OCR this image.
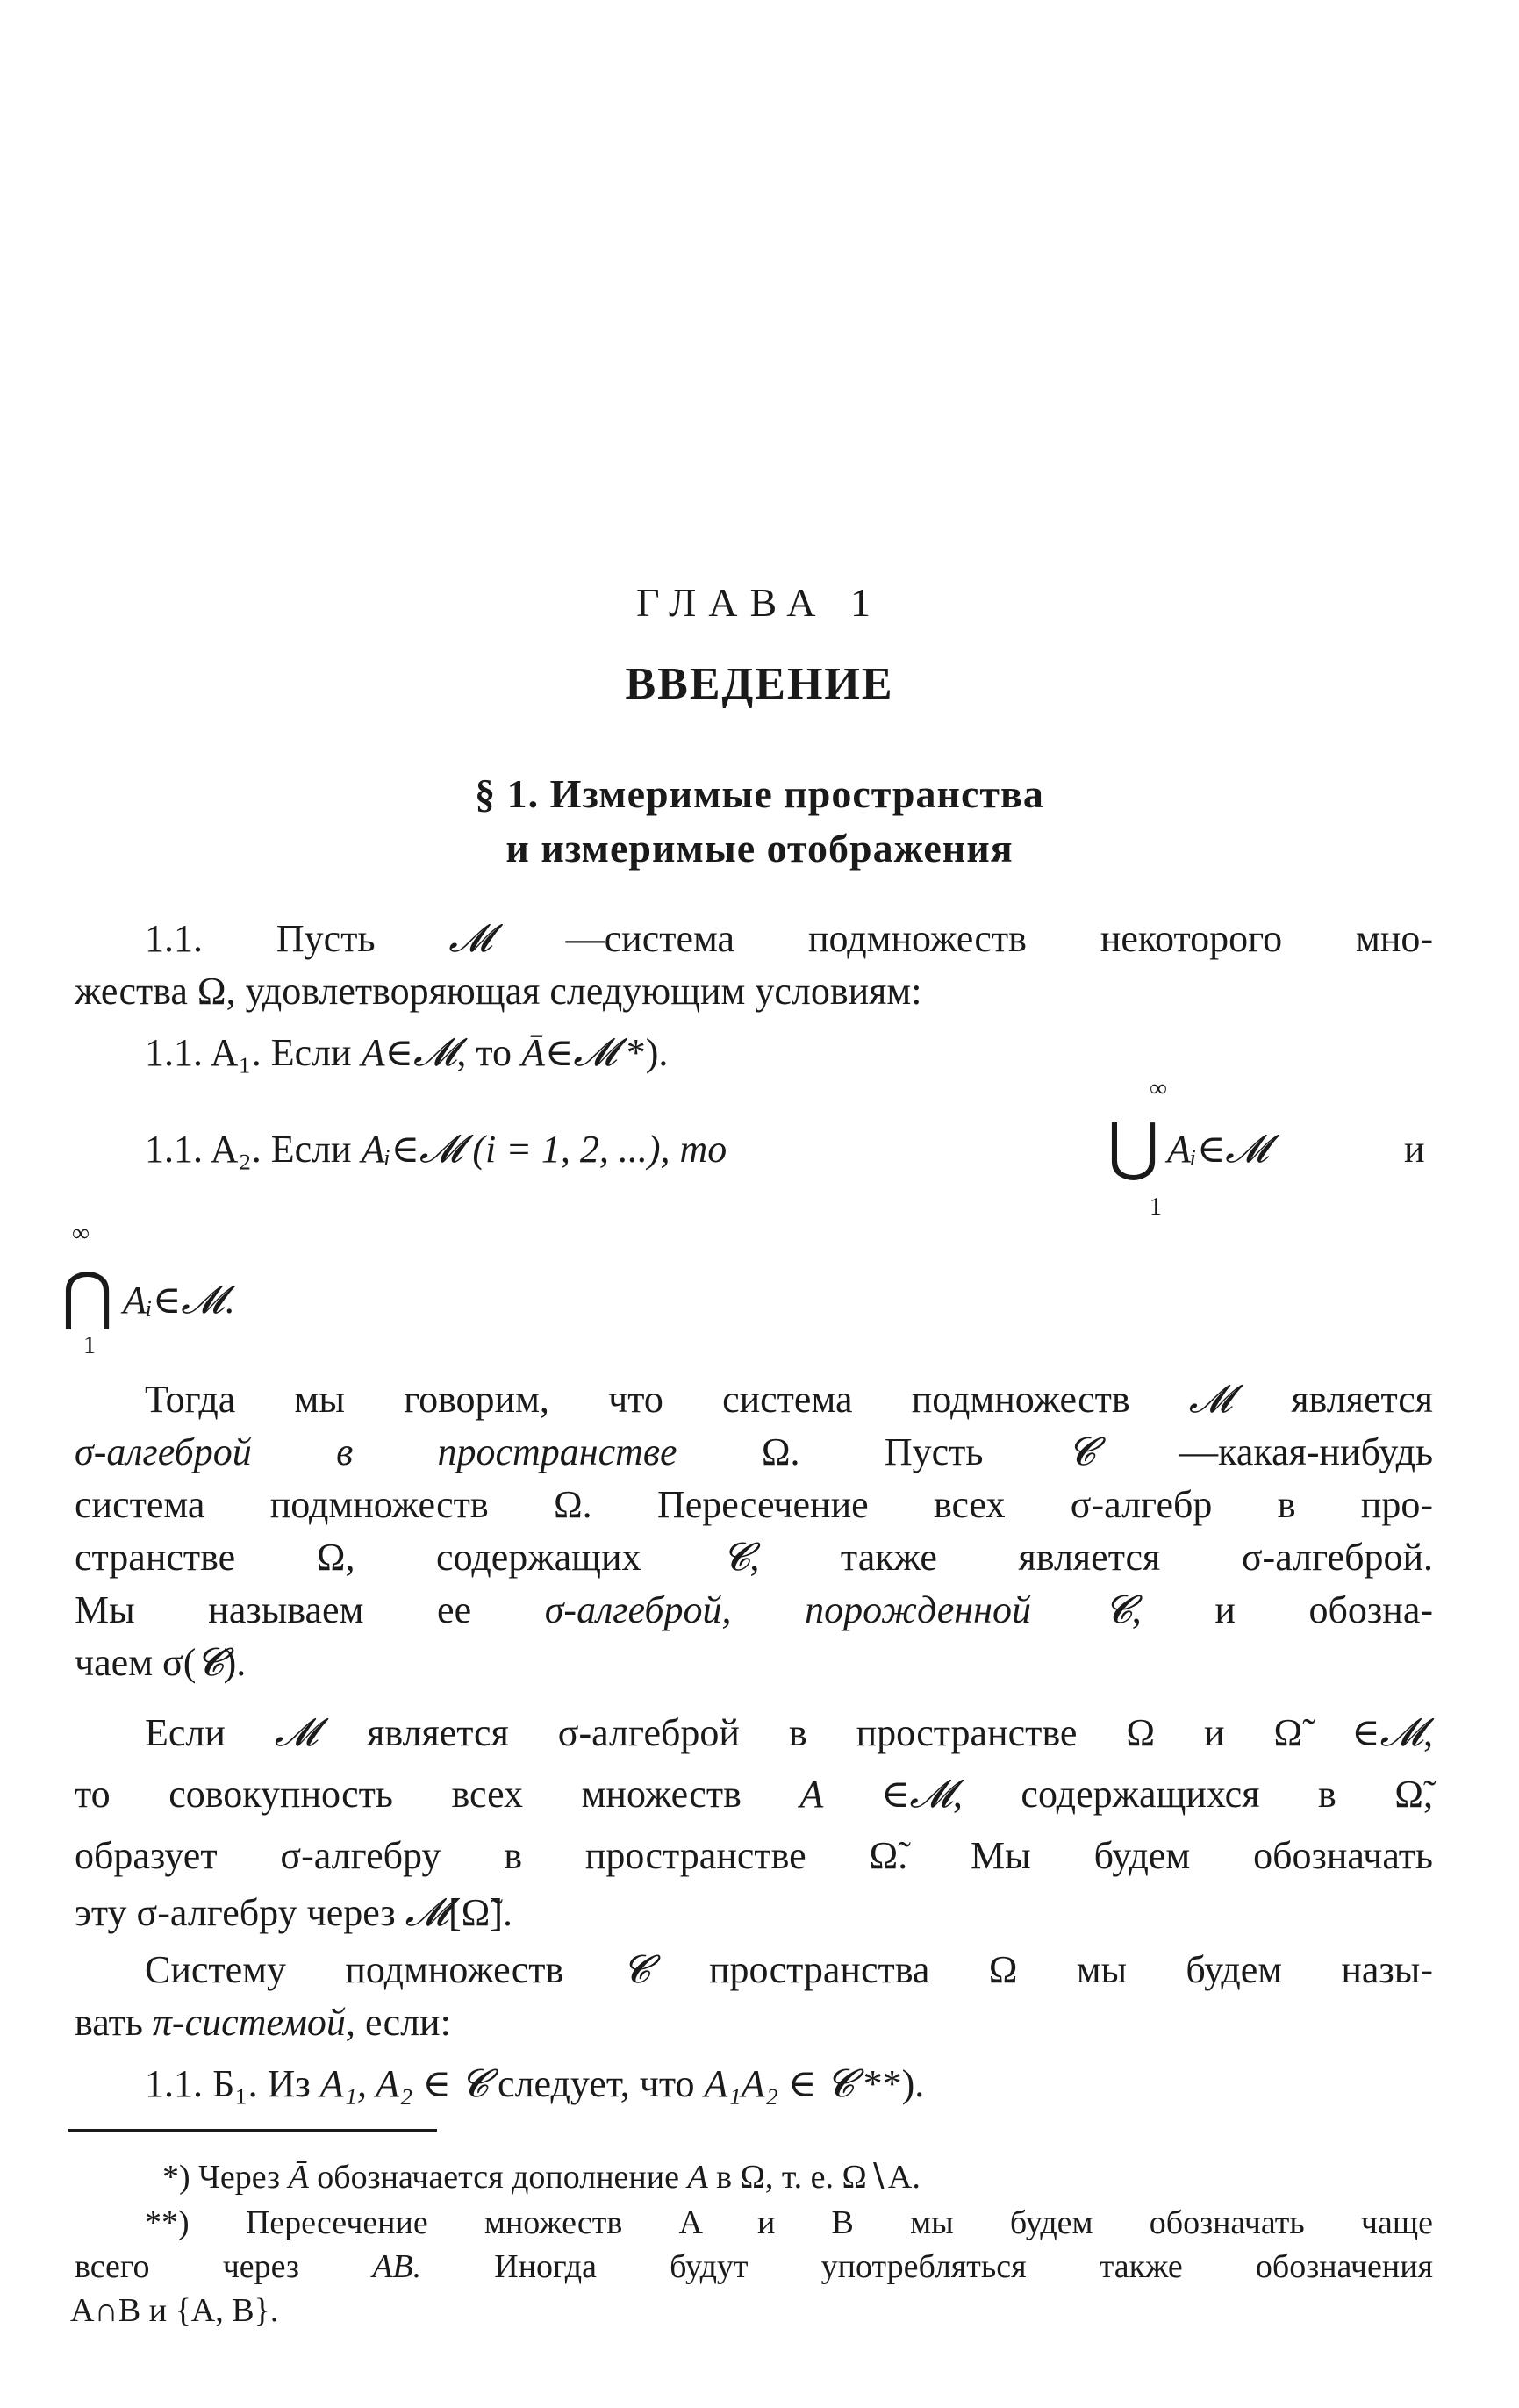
ГЛАВА 1
ВВЕДЕНИЕ
§ 1. Измеримые пространства
и измеримые отображения
1.1. Пусть 𝓜 —система подмножеств некоторого мно-
жества Ω, удовлетворяющая следующим условиям:
1.1. A₁. Если A∈𝓜, то Ā∈𝓜 *).
∞
1.1. A₂. Если Aᵢ∈𝓜 (i = 1, 2, ...), то	⋃ Aᵢ∈𝓜	и
1
∞
⋂ Aᵢ∈𝓜.
1
Тогда мы говорим, что система подмножеств 𝓜 является
σ-алгеброй в пространстве Ω. Пусть 𝓒 —какая-нибудь
система подмножеств Ω. Пересечение всех σ-алгебр в про-
странстве Ω, содержащих 𝓒, также является σ-алгеброй.
Мы называем ее σ-алгеброй, порожденной 𝓒, и обозна-
чаем σ(𝓒).
Если 𝓜 является σ-алгеброй в пространстве Ω и Ω̃ ∈𝓜,
то совокупность всех множеств A ∈𝓜, содержащихся в Ω̃,
образует σ-алгебру в пространстве Ω̃. Мы будем обозначать
эту σ-алгебру через 𝓜[Ω̃].
Систему подмножеств 𝓒 пространства Ω мы будем назы-
вать π-системой, если:
1.1. Б₁. Из A₁, A₂ ∈ 𝓒 следует, что A₁A₂ ∈ 𝓒 **).
*) Через Ā обозначается дополнение A в Ω, т. е. Ω∖A.
**) Пересечение множеств A и B мы будем обозначать чаще
всего через AB. Иногда будут употребляться также обозначения
A∩B и {A, B}.
